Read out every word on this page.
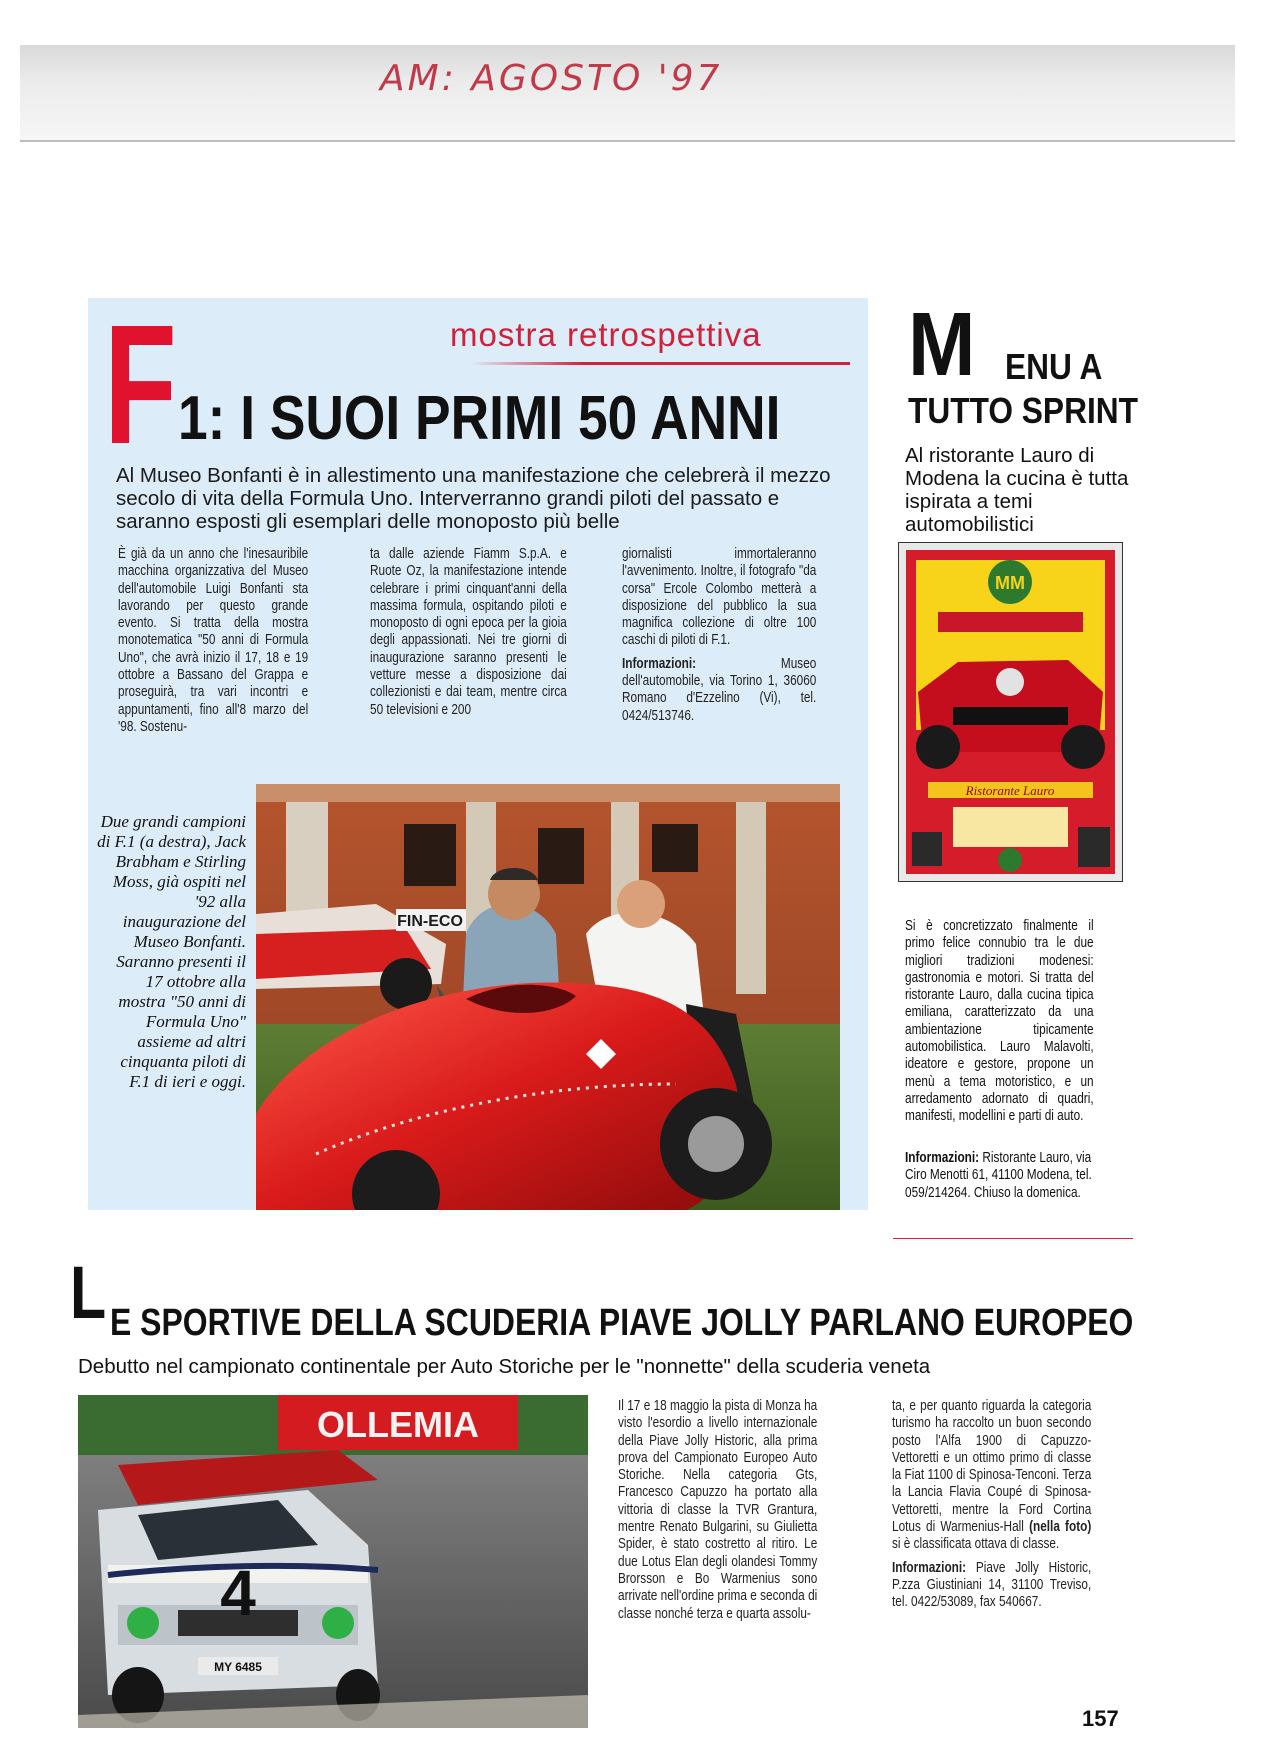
AM: AGOSTO '97
mostra retrospettiva
F 1: I SUOI PRIMI 50 ANNI
Al Museo Bonfanti è in allestimento una manifestazione che celebrerà il mezzo secolo di vita della Formula Uno. Interverranno grandi piloti del passato e saranno esposti gli esemplari delle monoposto più belle
È già da un anno che l'inesauribile macchina organizzativa del Museo dell'automobile Luigi Bonfanti sta lavorando per questo grande evento. Si tratta della mostra monotematica "50 anni di Formula Uno", che avrà inizio il 17, 18 e 19 ottobre a Bassano del Grappa e proseguirà, tra vari incontri e appuntamenti, fino all'8 marzo del '98. Sostenu-
ta dalle aziende Fiamm S.p.A. e Ruote Oz, la manifestazione intende celebrare i primi cinquant'anni della massima formula, ospitando piloti e monoposto di ogni epoca per la gioia degli appassionati. Nei tre giorni di inaugurazione saranno presenti le vetture messe a disposizione dai collezionisti e dai team, mentre circa 50 televisioni e 200
giornalisti immortaleranno l'avvenimento. Inoltre, il fotografo "da corsa" Ercole Colombo metterà a disposizione del pubblico la sua magnifica collezione di oltre 100 caschi di piloti di F.1.
Informazioni:	Museo dell'automobile, via Torino 1, 36060 Romano d'Ezzelino (Vi), tel. 0424/513746.
Due grandi campioni di F.1 (a destra), Jack Brabham e Stirling Moss, già ospiti nel '92 alla inaugurazione del Museo Bonfanti. Saranno presenti il 17 ottobre alla mostra "50 anni di Formula Uno" assieme ad altri cinquanta piloti di F.1 di ieri e oggi.
FIN-ECO
M ENU A
TUTTO SPRINT
Al ristorante Lauro di Modena la cucina è tutta ispirata a temi automobilistici
MM
Ristorante Lauro
Si è concretizzato finalmente il primo felice connubio tra le due migliori tradizioni modenesi: gastronomia e motori. Si tratta del ristorante Lauro, dalla cucina tipica emiliana, caratterizzato da una ambientazione tipicamente automobilistica. Lauro Malavolti, ideatore e gestore, propone un menù a tema motoristico, e un arredamento adornato di quadri, manifesti, modellini e parti di auto.
Informazioni: Ristorante Lauro, via Ciro Menotti 61, 41100 Modena, tel. 059/214264. Chiuso la domenica.
L E SPORTIVE DELLA SCUDERIA PIAVE JOLLY PARLANO EUROPEO
Debutto nel campionato continentale per Auto Storiche per le "nonnette" della scuderia veneta
OLLEMIA
4
MY 6485
Il 17 e 18 maggio la pista di Monza ha visto l'esordio a livello internazionale della Piave Jolly Historic, alla prima prova del Campionato Europeo Auto Storiche. Nella categoria Gts, Francesco Capuzzo ha portato alla vittoria di classe la TVR Grantura, mentre Renato Bulgarini, su Giulietta Spider, è stato costretto al ritiro. Le due Lotus Elan degli olandesi Tommy Brorsson e Bo Warmenius sono arrivate nell'ordine prima e seconda di classe nonché terza e quarta assolu-
ta, e per quanto riguarda la categoria turismo ha raccolto un buon secondo posto l'Alfa 1900 di Capuzzo-Vettoretti e un ottimo primo di classe la Fiat 1100 di Spinosa-Tenconi. Terza la Lancia Flavia Coupé di Spinosa-Vettoretti, mentre la Ford Cortina Lotus di Warmenius-Hall (nella foto) si è classificata ottava di classe.
Informazioni: Piave Jolly Historic, P.zza Giustiniani 14, 31100 Treviso, tel. 0422/53089, fax 540667.
157
